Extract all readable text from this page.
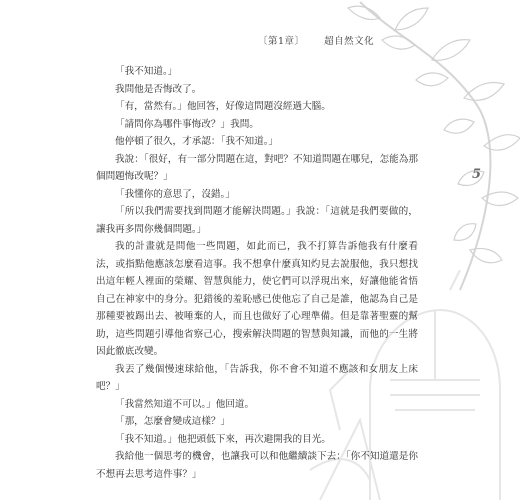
〔第1章〕 超自然文化
5

「我不知道。」

我問他是否悔改了。

「有，當然有。」他回答，好像這問題沒經過大腦。

「請問你為哪件事悔改？」我問。

他停頓了很久，才承認：「我不知道。」

我說：「很好，有一部分問題在這，對吧？不知道問題在哪兒，怎能為那個問題悔改呢？」

「我懂你的意思了，沒錯。」

「所以我們需要找到問題才能解決問題。」我說：「這就是我們要做的，讓我再多問你幾個問題。」

我的計畫就是問他一些問題，如此而已，我不打算告訴他我有什麼看法，或指點他應該怎麼看這事。我不想拿什麼真知灼見去說服他，我只想找出這年輕人裡面的榮耀、智慧與能力，使它們可以浮現出來，好讓他能省悟自己在神家中的身分。犯錯後的羞恥感已使他忘了自己是誰，他認為自己是那種要被踢出去、被唾棄的人，而且也做好了心理準備。但是靠著聖靈的幫助，這些問題引導他省察己心，搜索解決問題的智慧與知識，而他的一生將因此徹底改變。

我丟了幾個慢速球給他，「告訴我，你不會不知道不應該和女朋友上床吧？」

「我當然知道不可以。」他回道。

「那，怎麼會變成這樣？」

「我不知道。」他把頭低下來，再次避開我的目光。

我給他一個思考的機會，也讓我可以和他繼續談下去：「你不知道還是你不想再去思考這件事？」
